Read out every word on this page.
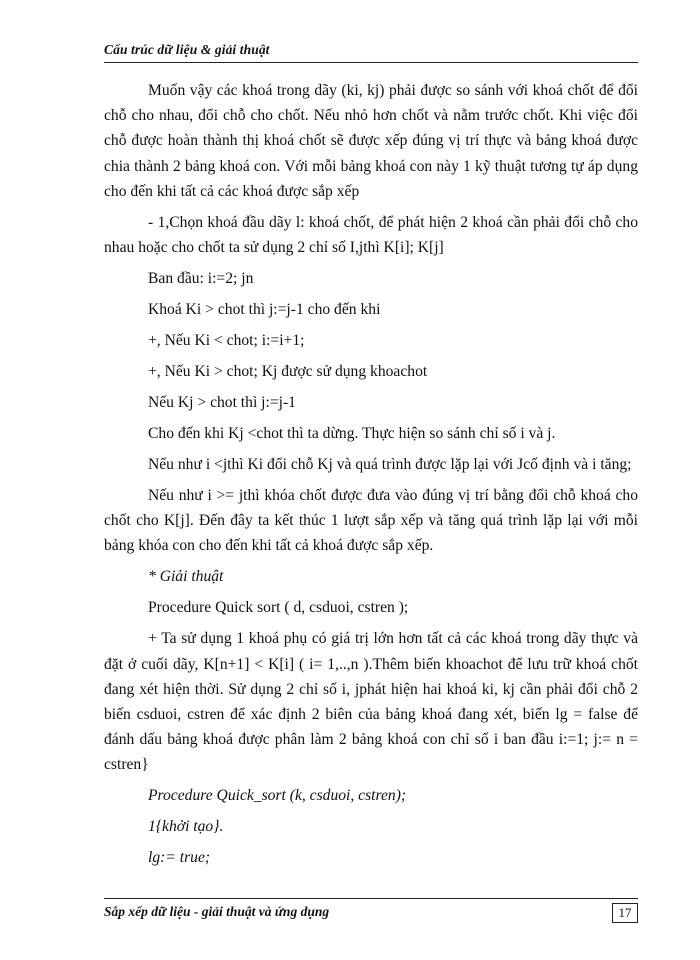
Cấu trúc dữ liệu & giải thuật

Muốn vậy các khoá trong dãy (ki, kj) phải được so sánh với khoá chốt để đổi chỗ cho nhau, đổi chỗ cho chốt. Nếu nhỏ hơn chốt và nằm trước chốt. Khi việc đổi chỗ được hoàn thành thị khoá chốt sẽ được xếp đúng vị trí thực và bảng khoá được chia thành 2 bảng khoá con. Với mỗi bảng khoá con này 1 kỹ thuật tương tự áp dụng cho đến khi tất cả các khoá được sắp xếp

- 1,Chọn khoá đầu dãy l: khoá chốt, để phát hiện 2 khoá cần phải đổi chỗ cho nhau hoặc cho chốt ta sử dụng 2 chỉ số I,jthì K[i]; K[j]

Ban đầu: i:=2; jn

Khoá Ki > chot thì j:=j-1 cho đến khi

+, Nếu Ki < chot; i:=i+1;

+, Nếu Ki > chot; Kj được sử dụng khoachot

Nếu Kj > chot thì j:=j-1

Cho đến khi Kj <chot thì ta dừng. Thực hiện so sánh chỉ số i và j.

Nếu như i <jthì Ki đổi chỗ Kj và quá trình được lặp lại với Jcố định và i tăng;

Nếu như i >= jthì khóa chốt được đưa vào đúng vị trí bằng đổi chỗ khoá cho chốt cho K[j]. Đến đây ta kết thúc 1 lượt sắp xếp và tăng quá trình lặp lại với mỗi bảng khóa con cho đến khi tất cả khoá được sắp xếp.

* Giải thuật

Procedure Quick sort ( d, csduoi, cstren );

+ Ta sử dụng 1 khoá phụ có giá trị lớn hơn tất cả các khoá trong dãy thực và đặt ở cuối dãy, K[n+1] < K[i] ( i= 1,..,n ).Thêm biến khoachot để lưu trữ khoá chốt đang xét hiện thời. Sử dụng 2 chỉ số i, jphát hiện hai khoá ki, kj cần phải đổi chỗ 2 biến csduoi, cstren để xác định 2 biên của bảng khoá đang xét, biến lg = false để đánh dấu bảng khoá được phân làm 2 bảng khoá con chỉ số i ban đầu i:=1; j:= n = cstren}

Procedure Quick_sort (k, csduoi, cstren);

1{khởi tạo}.

lg:= true;

Sắp xếp dữ liệu - giải thuật và ứng dụng	17
